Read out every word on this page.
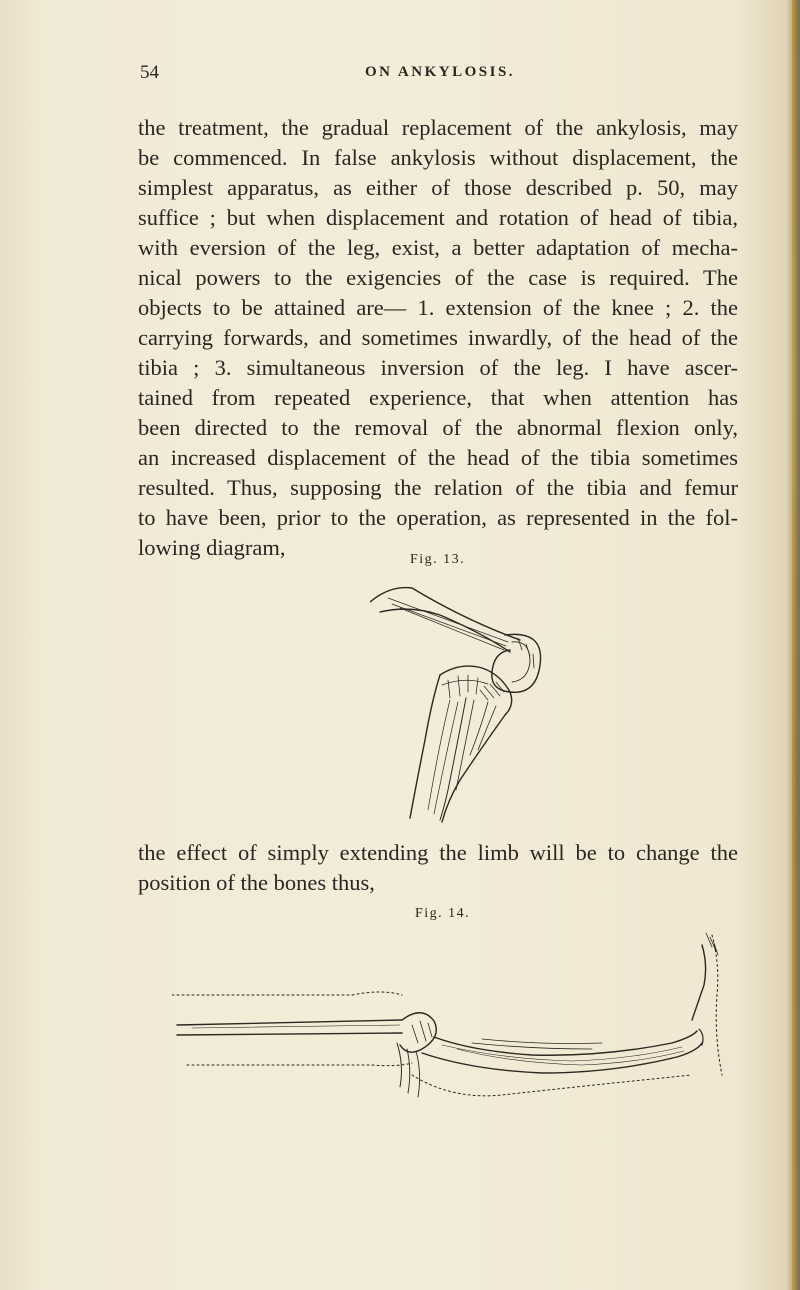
54	ON ANKYLOSIS.
the treatment, the gradual replacement of the ankylosis, may
be commenced. In false ankylosis without displacement, the
simplest apparatus, as either of those described p. 50, may
suffice ; but when displacement and rotation of head of tibia,
with eversion of the leg, exist, a better adaptation of mecha-
nical powers to the exigencies of the case is required. The
objects to be attained are— 1. extension of the knee ; 2. the
carrying forwards, and sometimes inwardly, of the head of the
tibia ; 3. simultaneous inversion of the leg. I have ascer-
tained from repeated experience, that when attention has
been directed to the removal of the abnormal flexion only,
an increased displacement of the head of the tibia sometimes
resulted. Thus, supposing the relation of the tibia and femur
to have been, prior to the operation, as represented in the fol-
lowing diagram,	Fig. 13.
the effect of simply extending the limb will be to change the
position of the bones thus,
Fig. 14.
